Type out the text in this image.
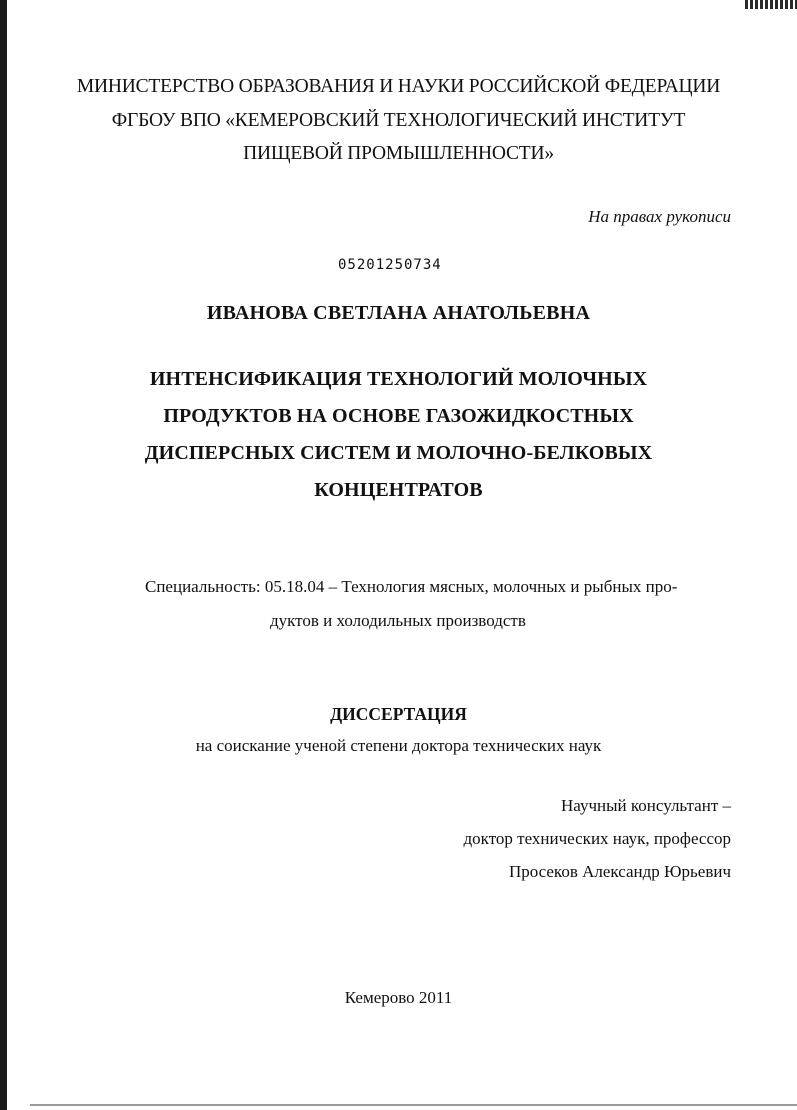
МИНИСТЕРСТВО ОБРАЗОВАНИЯ И НАУКИ РОССИЙСКОЙ ФЕДЕРАЦИИ
ФГБОУ ВПО «КЕМЕРОВСКИЙ ТЕХНОЛОГИЧЕСКИЙ ИНСТИТУТ
ПИЩЕВОЙ ПРОМЫШЛЕННОСТИ»
На правах рукописи
05201250734
ИВАНОВА СВЕТЛАНА АНАТОЛЬЕВНА
ИНТЕНСИФИКАЦИЯ ТЕХНОЛОГИЙ МОЛОЧНЫХ
ПРОДУКТОВ НА ОСНОВЕ ГАЗОЖИДКОСТНЫХ
ДИСПЕРСНЫХ СИСТЕМ И МОЛОЧНО-БЕЛКОВЫХ
КОНЦЕНТРАТОВ
Специальность: 05.18.04 – Технология мясных, молочных и рыбных про-
дуктов и холодильных производств
ДИССЕРТАЦИЯ
на соискание ученой степени доктора технических наук
Научный консультант –
доктор технических наук, профессор
Просеков Александр Юрьевич
Кемерово 2011
